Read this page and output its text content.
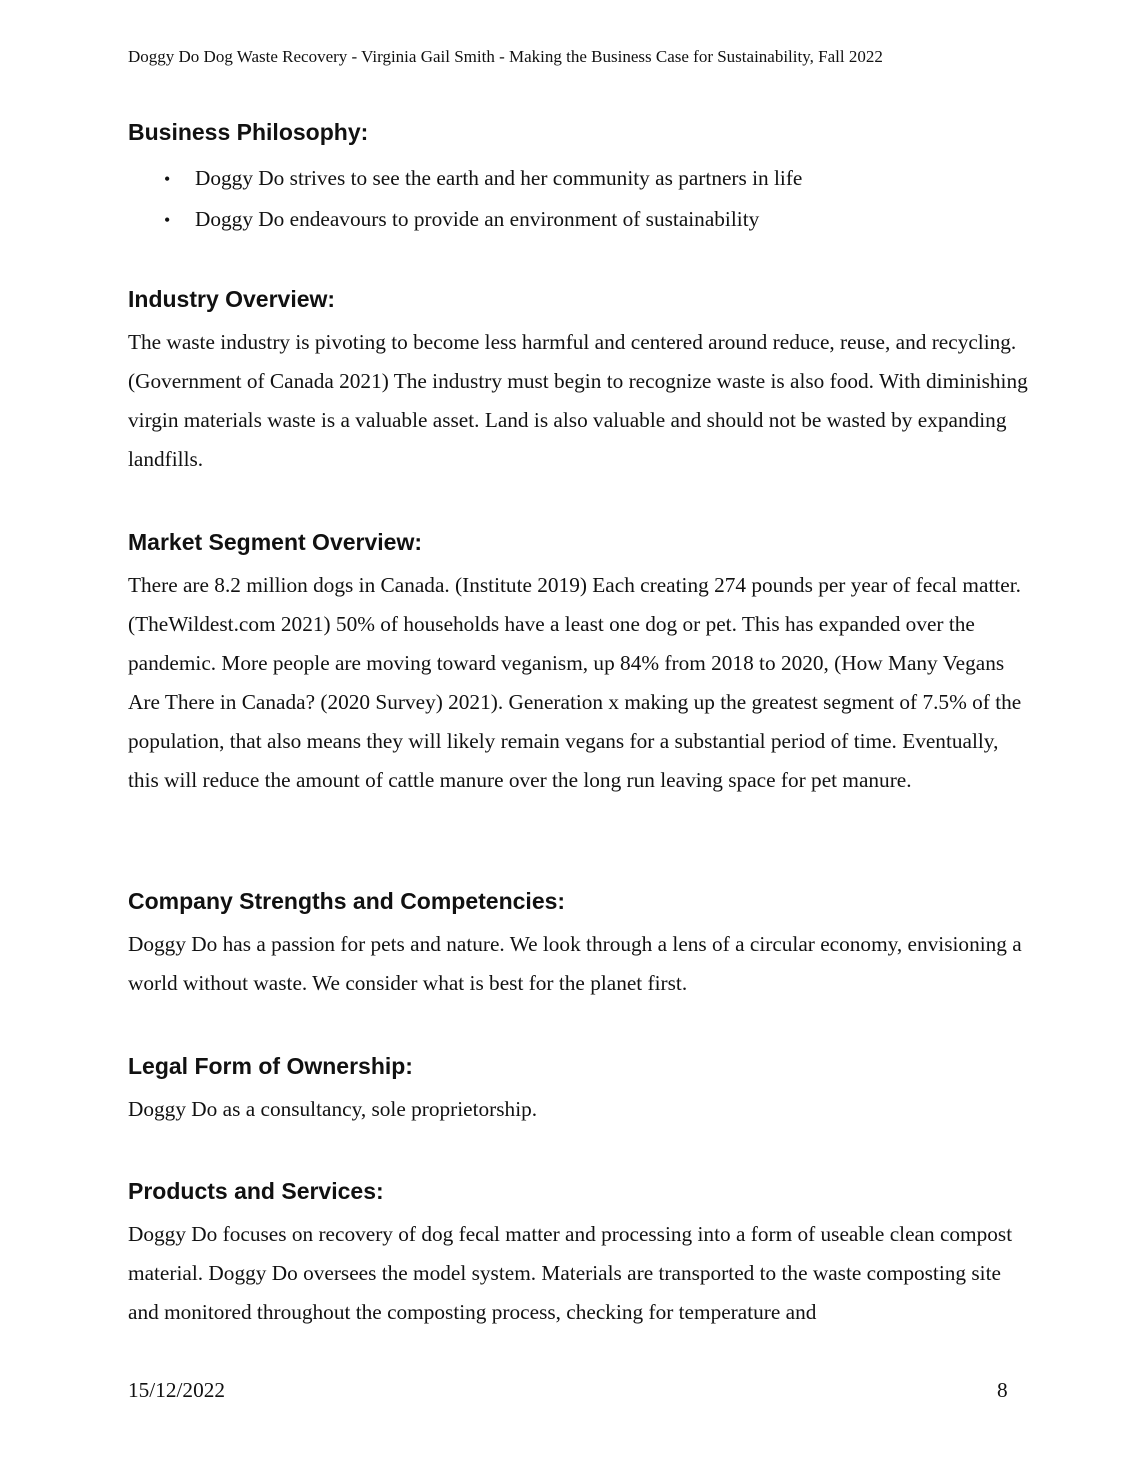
Doggy Do Dog Waste Recovery - Virginia Gail Smith - Making the Business Case for Sustainability, Fall 2022
Business Philosophy:
•	Doggy Do strives to see the earth and her community as partners in life
•	Doggy Do endeavours to provide an environment of sustainability
Industry Overview:

The waste industry is pivoting to become less harmful and centered around reduce, reuse, and recycling. (Government of Canada 2021) The industry must begin to recognize waste is also food. With diminishing virgin materials waste is a valuable asset. Land is also valuable and should not be wasted by expanding landfills.

Market Segment Overview:

There are 8.2 million dogs in Canada. (Institute 2019) Each creating 274 pounds per year of fecal matter. (TheWildest.com 2021) 50% of households have a least one dog or pet. This has expanded over the pandemic. More people are moving toward veganism, up 84% from 2018 to 2020, (How Many Vegans Are There in Canada? (2020 Survey) 2021). Generation x making up the greatest segment of 7.5% of the population, that also means they will likely remain vegans for a substantial period of time. Eventually, this will reduce the amount of cattle manure over the long run leaving space for pet manure.

Company Strengths and Competencies:

Doggy Do has a passion for pets and nature. We look through a lens of a circular economy, envisioning a world without waste. We consider what is best for the planet first.

Legal Form of Ownership:

Doggy Do as a consultancy, sole proprietorship.

Products and Services:

Doggy Do focuses on recovery of dog fecal matter and processing into a form of useable clean compost material. Doggy Do oversees the model system. Materials are transported to the waste composting site and monitored throughout the composting process, checking for temperature and

15/12/2022	8
